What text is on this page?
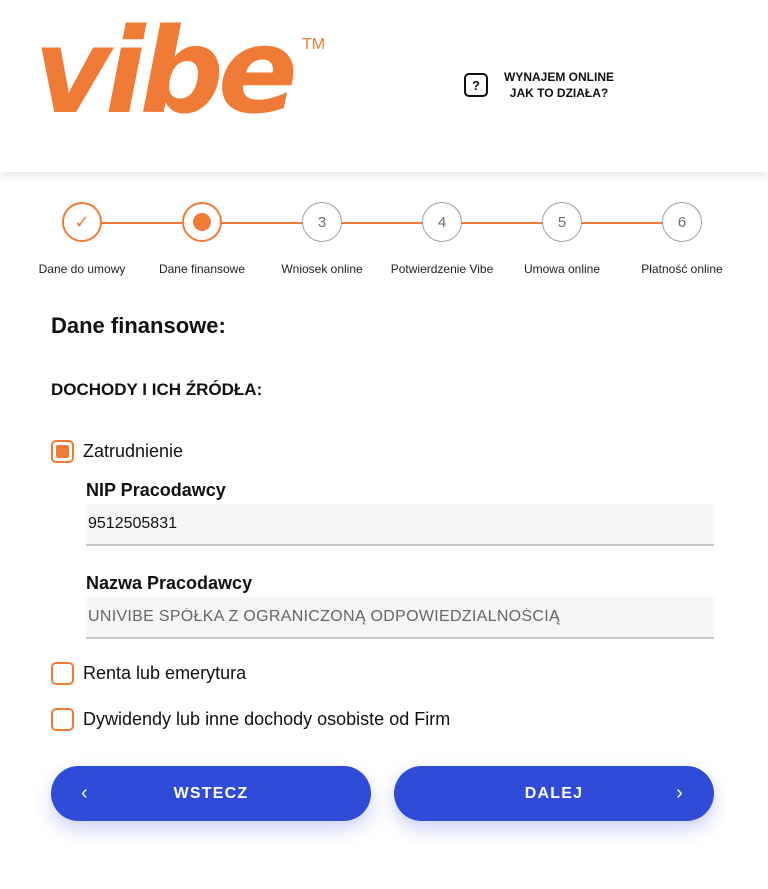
vibe TM
?
WYNAJEM ONLINE
JAK TO DZIAŁA?
✓
Dane do umowy	Dane finansowe
3
Wniosek online
4
Potwierdzenie Vibe
5
Umowa online
6
Płatność online
Dane finansowe:
DOCHODY I ICH ŹRÓDŁA:
Zatrudnienie
NIP Pracodawcy
9512505831
Nazwa Pracodawcy
UNIVIBE SPÓŁKA Z OGRANICZONĄ ODPOWIEDZIALNOŚCIĄ
Renta lub emerytura
Dywidendy lub inne dochody osobiste od Firm
‹	WSTECZ	DALEJ	›
